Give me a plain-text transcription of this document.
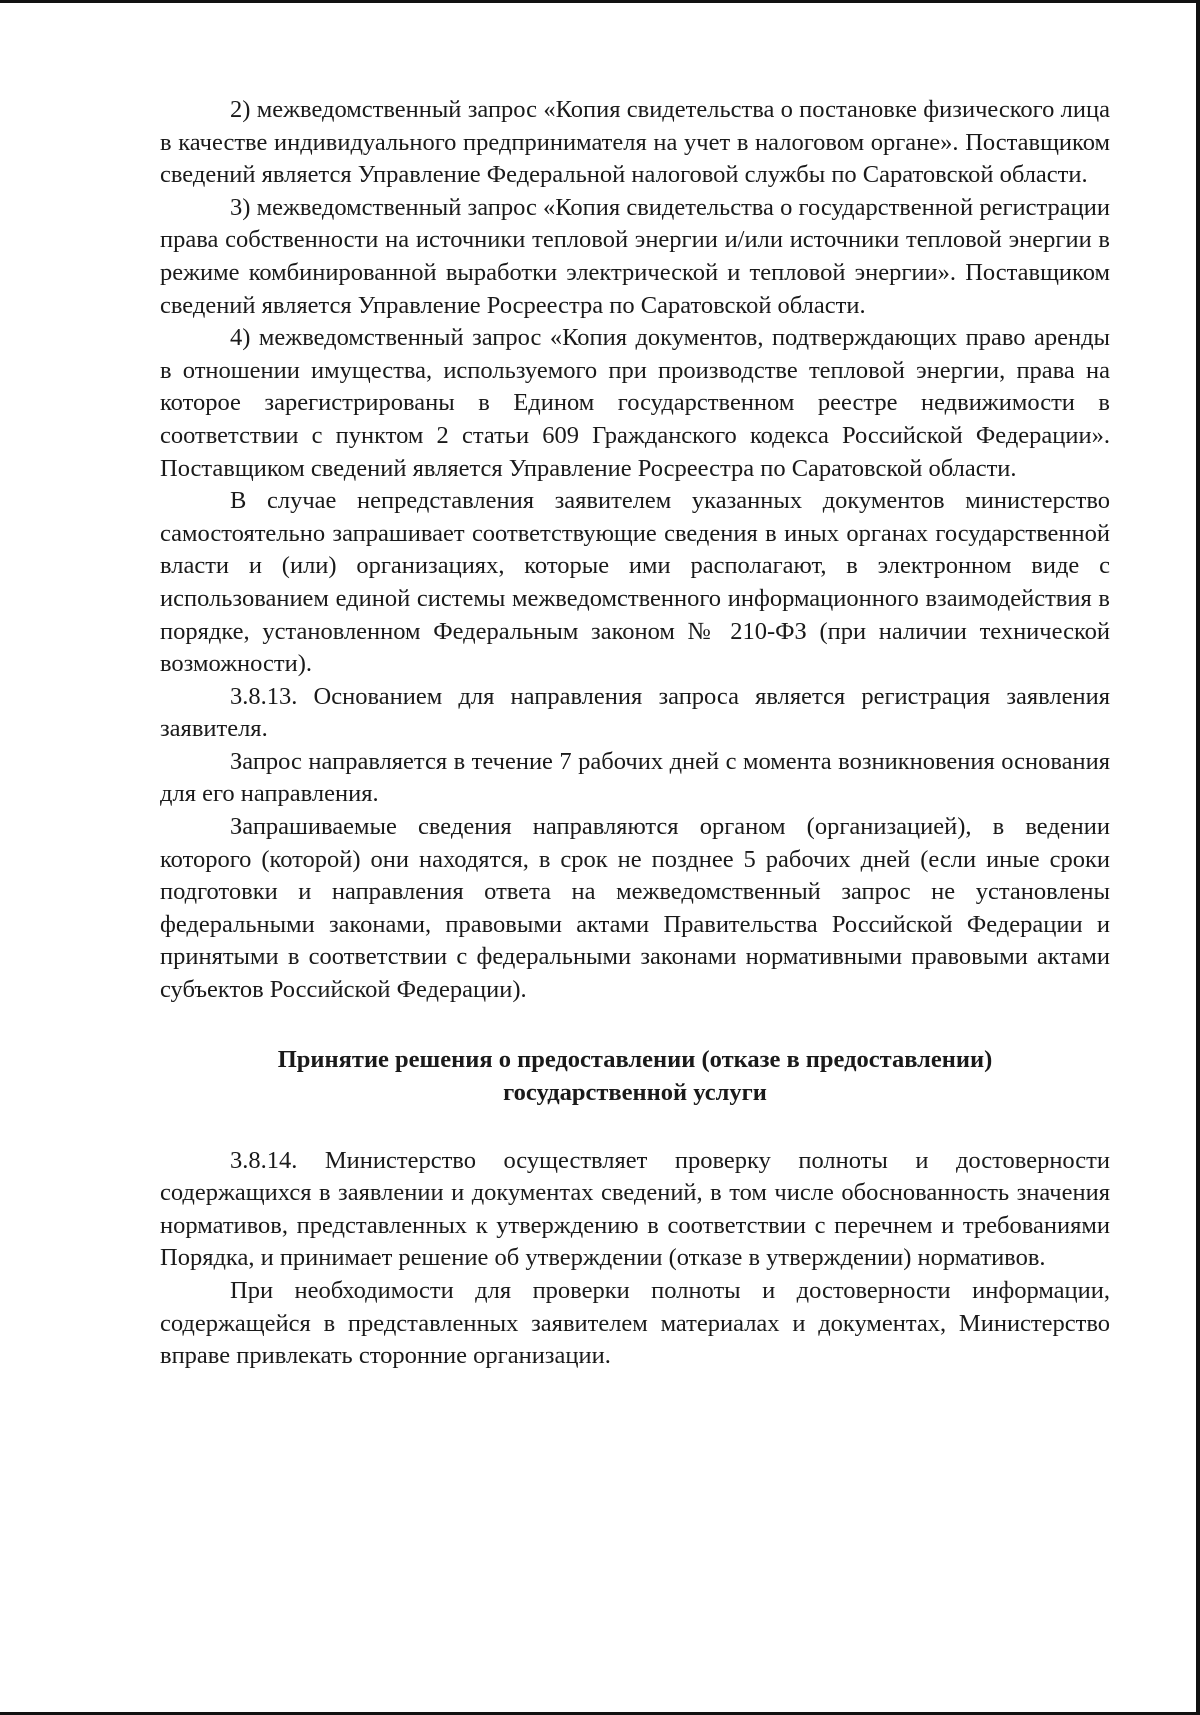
2) межведомственный запрос «Копия свидетельства о постановке физического лица в качестве индивидуального предпринимателя на учет в налоговом органе». Поставщиком сведений является Управление Федеральной налоговой службы по Саратовской области.

3) межведомственный запрос «Копия свидетельства о государственной регистрации права собственности на источники тепловой энергии и/или источники тепловой энергии в режиме комбинированной выработки электрической и тепловой энергии». Поставщиком сведений является Управление Росреестра по Саратовской области.

4) межведомственный запрос «Копия документов, подтверждающих право аренды в отношении имущества, используемого при производстве тепловой энергии, права на которое зарегистрированы в Едином государственном реестре недвижимости в соответствии с пунктом 2 статьи 609 Гражданского кодекса Российской Федерации». Поставщиком сведений является Управление Росреестра по Саратовской области.

В случае непредставления заявителем указанных документов министерство самостоятельно запрашивает соответствующие сведения в иных органах государственной власти и (или) организациях, которые ими располагают, в электронном виде с использованием единой системы межведомственного информационного взаимодействия в порядке, установленном Федеральным законом № 210-ФЗ (при наличии технической возможности).

3.8.13. Основанием для направления запроса является регистрация заявления заявителя.

Запрос направляется в течение 7 рабочих дней с момента возникновения основания для его направления.

Запрашиваемые сведения направляются органом (организацией), в ведении которого (которой) они находятся, в срок не позднее 5 рабочих дней (если иные сроки подготовки и направления ответа на межведомственный запрос не установлены федеральными законами, правовыми актами Правительства Российской Федерации и принятыми в соответствии с федеральными законами нормативными правовыми актами субъектов Российской Федерации).

Принятие решения о предоставлении (отказе в предоставлении)

государственной услуги

3.8.14. Министерство осуществляет проверку полноты и достоверности содержащихся в заявлении и документах сведений, в том числе обоснованность значения нормативов, представленных к утверждению в соответствии с перечнем и требованиями Порядка, и принимает решение об утверждении (отказе в утверждении) нормативов.

При необходимости для проверки полноты и достоверности информации, содержащейся в представленных заявителем материалах и документах, Министерство вправе привлекать сторонние организации.
